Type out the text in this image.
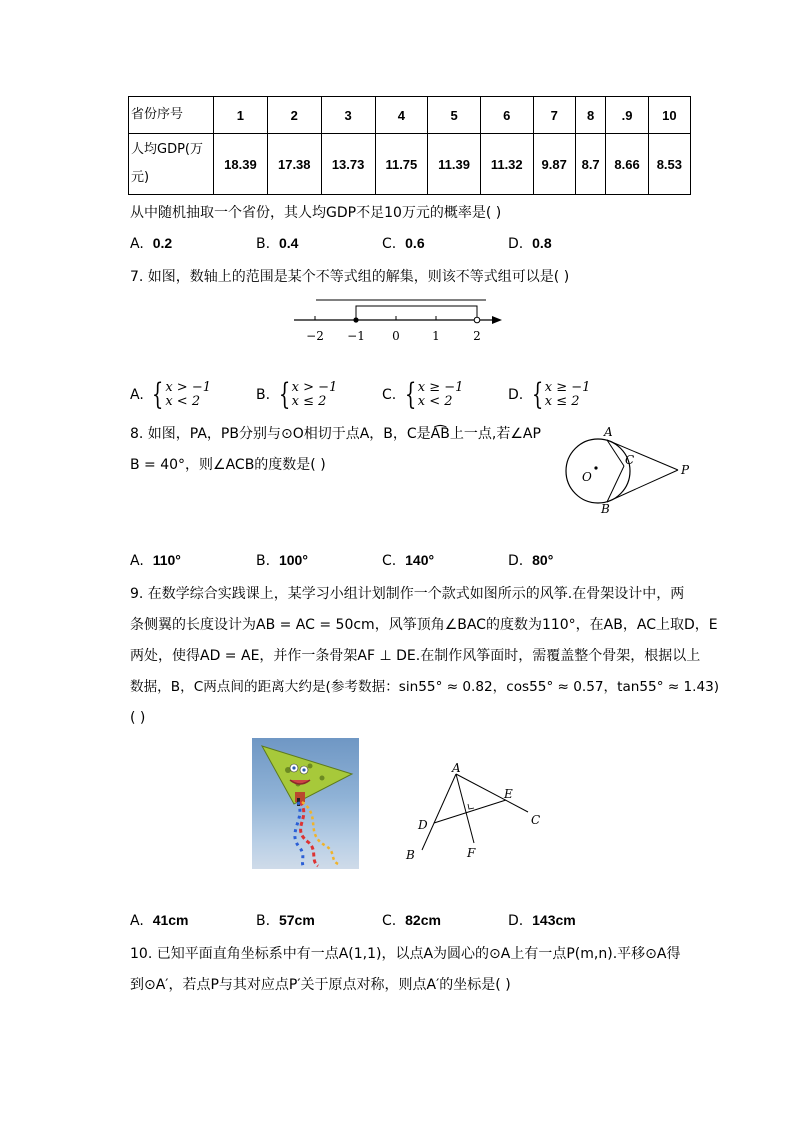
省份序号	1	2	3	4	5	6	7	8	.9	10
人均GDP(万
元)	18.39	17.38	13.73	11.75	11.39	11.32	9.87	8.7	8.66	8.53
从中随机抽取一个省份，其人均GDP不足10万元的概率是( )
A. 0.2	B. 0.4	C. 0.6	D. 0.8
7. 如图，数轴上的范围是某个不等式组的解集，则该不等式组可以是( )
−2 −1 0	1	2
A. { x > −1
x < 2	B. { x > −1
x ≤ 2	C. { x ≥ −1
x < 2	D. { x ≥ −1
x ≤ 2
8. 如图，PA，PB分别与⊙O相切于点A，B，C是A͡B上一点,若∠AP
B = 40°，则∠ACB的度数是( )
A
B
C
O	P
A. 110°	B. 100°	C. 140°	D. 80°
9. 在数学综合实践课上，某学习小组计划制作一个款式如图所示的风筝.在骨架设计中，两
条侧翼的长度设计为AB = AC = 50cm，风筝顶角∠BAC的度数为110°，在AB，AC上取D，E
两处，使得AD = AE，并作一条骨架AF ⊥ DE.在制作风筝面时，需覆盖整个骨架，根据以上
数据，B，C两点间的距离大约是(参考数据：sin55° ≈ 0.82，cos55° ≈ 0.57，tan55° ≈ 1.43)
( )
A
B
C
D
E
F
A. 41cm	B. 57cm	C. 82cm	D. 143cm
10. 已知平面直角坐标系中有一点A(1,1)，以点A为圆心的⊙A上有一点P(m,n).平移⊙A得
到⊙A′，若点P与其对应点P′关于原点对称，则点A′的坐标是( )
